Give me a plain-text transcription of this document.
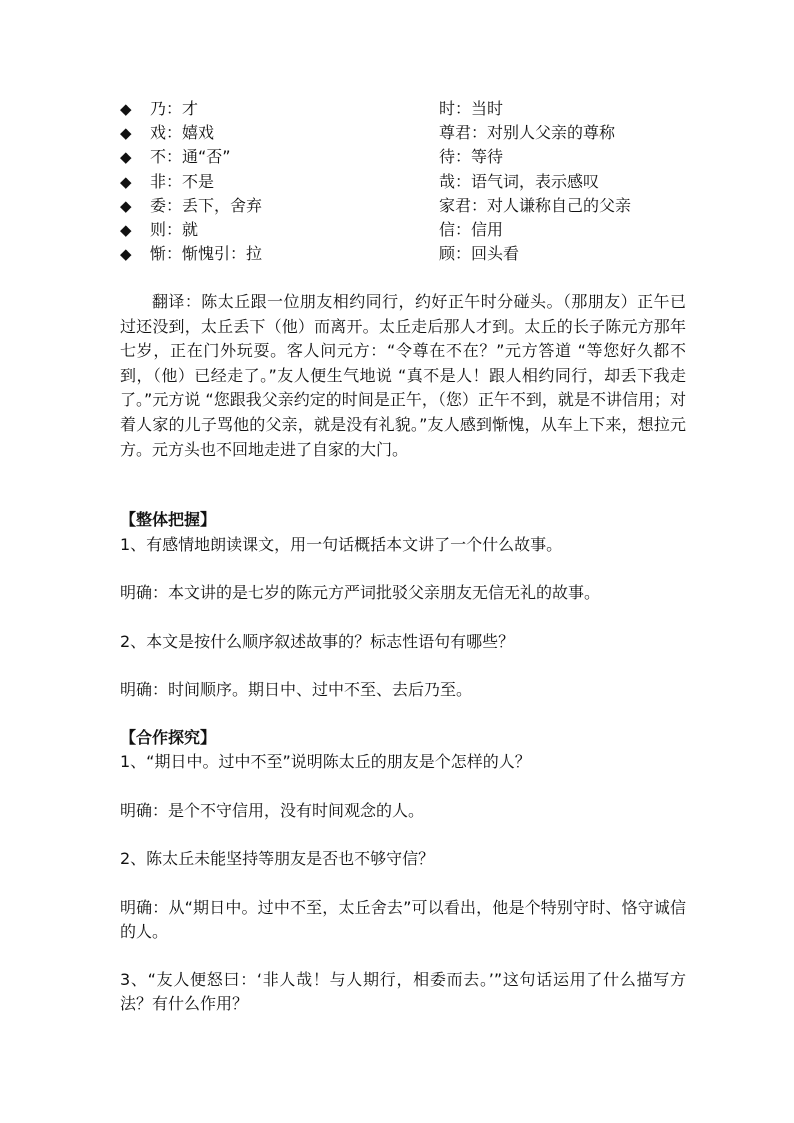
◆ 乃：才	时：当时
◆ 戏：嬉戏	尊君：对别人父亲的尊称
◆ 不：通“否”	待：等待
◆ 非：不是	哉：语气词，表示感叹
◆ 委：丢下，舍弃	家君：对人谦称自己的父亲
◆ 则：就	信：信用
◆ 惭：惭愧引：拉	顾：回头看

翻译：陈太丘跟一位朋友相约同行，约好正午时分碰头。（那朋友）正午已过还没到，太丘丢下（他）而离开。太丘走后那人才到。太丘的长子陈元方那年七岁，正在门外玩耍。客人问元方：“令尊在不在？”元方答道 “等您好久都不到，（他）已经走了。”友人便生气地说 “真不是人！跟人相约同行，却丢下我走了。”元方说 “您跟我父亲约定的时间是正午，（您）正午不到，就是不讲信用；对着人家的儿子骂他的父亲，就是没有礼貌。”友人感到惭愧，从车上下来，想拉元方。元方头也不回地走进了自家的大门。

【整体把握】

1、有感情地朗读课文，用一句话概括本文讲了一个什么故事。

明确：本文讲的是七岁的陈元方严词批驳父亲朋友无信无礼的故事。

2、本文是按什么顺序叙述故事的？标志性语句有哪些？

明确：时间顺序。期日中、过中不至、去后乃至。

【合作探究】

1、“期日中。过中不至”说明陈太丘的朋友是个怎样的人？

明确：是个不守信用，没有时间观念的人。

2、陈太丘未能坚持等朋友是否也不够守信？

明确：从“期日中。过中不至，太丘舍去”可以看出，他是个特别守时、恪守诚信的人。

3、“友人便怒曰：‘非人哉！与人期行，相委而去。’”这句话运用了什么描写方法？有什么作用？
